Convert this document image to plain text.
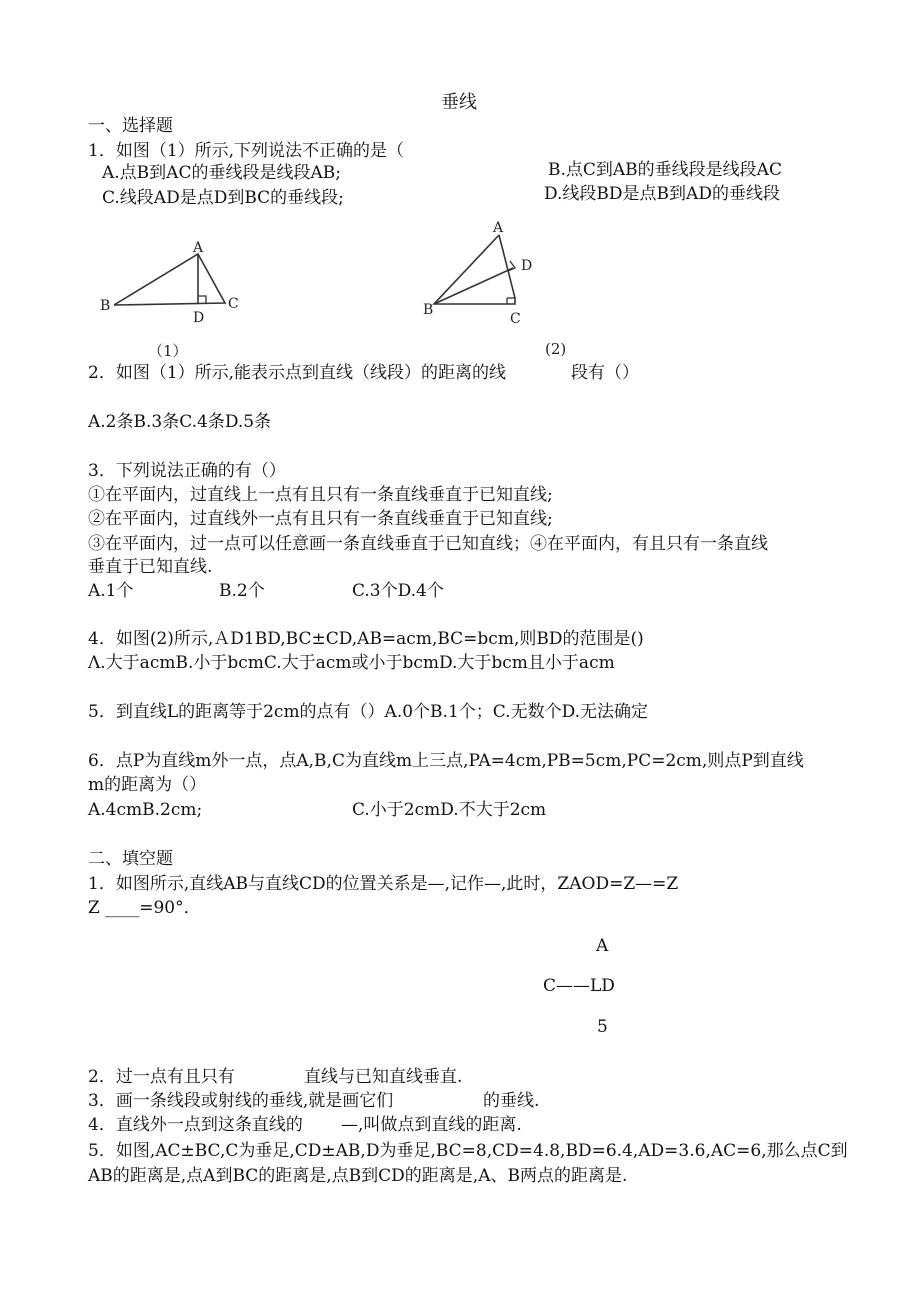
垂线
一、选择题
1．如图（1）所示,下列说法不正确的是（
A.点B到AC的垂线段是线段AB;	B.点C到AB的垂线段是线段AC
C.线段AD是点D到BC的垂线段;	D.线段BD是点B到AD的垂线段
A
B	C
D
（1）
A
B
C
D
(2)
2．如图（1）所示,能表示点到直线（线段）的距离的线	段有（）
A.2条B.3条C.4条D.5条
3．下列说法正确的有（）
①在平面内，过直线上一点有且只有一条直线垂直于已知直线;
②在平面内，过直线外一点有且只有一条直线垂直于已知直线;
③在平面内，过一点可以任意画一条直线垂直于已知直线；④在平面内，有且只有一条直线
垂直于已知直线.
A.1个	B.2个	C.3个D.4个
4．如图(2)所示,ＡD1BD,BC±CD,AB=acm,BC=bcm,则BD的范围是()
Λ.大于acmB.小于bcmC.大于acm或小于bcmD.大于bcm且小于acm
5．到直线L的距离等于2cm的点有（）A.0个B.1个；C.无数个D.无法确定
6．点P为直线m外一点，点A,B,C为直线m上三点,PA=4cm,PB=5cm,PC=2cm,则点P到直线
m的距离为（）
A.4cmB.2cm;	C.小于2cmD.不大于2cm
二、填空题
1．如图所示,直线AB与直线CD的位置关系是—,记作—,此时，ZAOD=Z—=Z
Z ____=90°．
A
C——LD
5
2．过一点有且只有	直线与已知直线垂直.
3．画一条线段或射线的垂线,就是画它们	的垂线.
4．直线外一点到这条直线的 —,叫做点到直线的距离.
5．如图,AC±BC,C为垂足,CD±AB,D为垂足,BC=8,CD=4.8,BD=6.4,AD=3.6,AC=6,那么点C到
AB的距离是,点A到BC的距离是,点B到CD的距离是,A、B两点的距离是.
